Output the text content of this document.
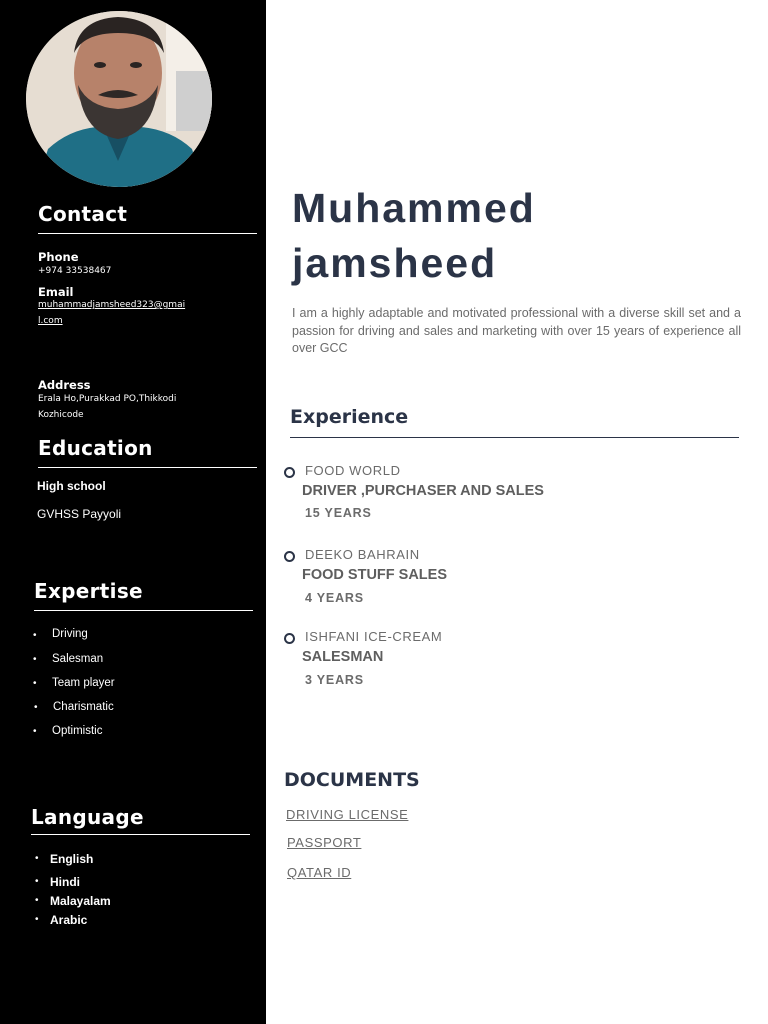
Contact
Phone
+974 33538467
Email
muhammadjamsheed323@gmail.com
Address
Erala Ho,Purakkad PO,Thikkodi
Kozhicode
Education
High school
GVHSS Payyoli
Expertise
• Driving
• Salesman
• Team player
• Charismatic
• Optimistic
Language
• English
• Hindi
• Malayalam
• Arabic
Muhammed
jamsheed
I am a highly adaptable and motivated professional with a diverse skill set and a passion for driving and sales and marketing with over 15 years of experience all over GCC
Experience
FOOD WORLD
DRIVER ,PURCHASER AND SALES
15 YEARS
DEEKO BAHRAIN
FOOD STUFF SALES
4 YEARS
ISHFANI ICE-CREAM
SALESMAN
3 YEARS
DOCUMENTS
DRIVING LICENSE
PASSPORT
QATAR ID
